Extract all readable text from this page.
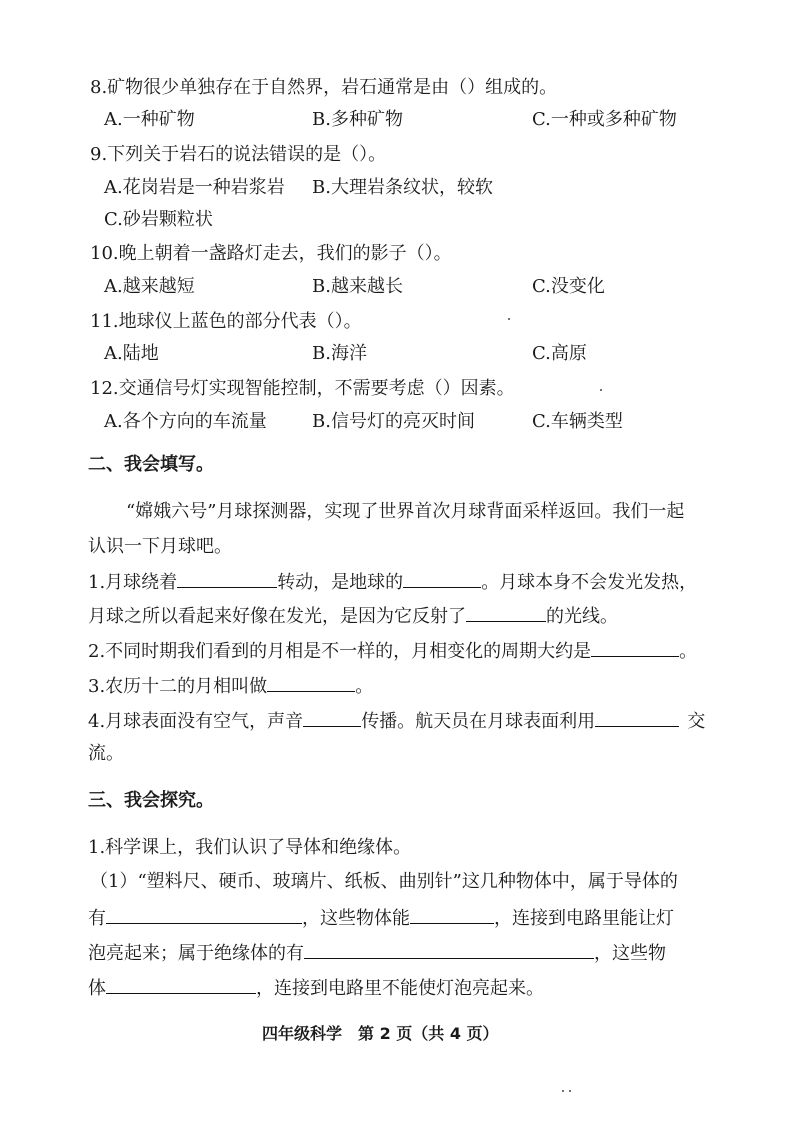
8.矿物很少单独存在于自然界，岩石通常是由（）组成的。
A.一种矿物	B.多种矿物	C.一种或多种矿物
9.下列关于岩石的说法错误的是（）。
A.花岗岩是一种岩浆岩 B.大理岩条纹状，较软
C.砂岩颗粒状
10.晚上朝着一盏路灯走去，我们的影子（）。
A.越来越短	B.越来越长	C.没变化
11.地球仪上蓝色的部分代表（）。
A.陆地	B.海洋	C.高原
12.交通信号灯实现智能控制，不需要考虑（）因素。
A.各个方向的车流量	B.信号灯的亮灭时间	C.车辆类型
二、我会填写。
“嫦娥六号”月球探测器，实现了世界首次月球背面采样返回。我们一起
认识一下月球吧。
1.月球绕着	转动，是地球的	。月球本身不会发光发热，
月球之所以看起来好像在发光，是因为它反射了	的光线。
2.不同时期我们看到的月相是不一样的，月相变化的周期大约是	。
3.农历十二的月相叫做	。
4.月球表面没有空气，声音	传播。航天员在月球表面利用	交
流。
三、我会探究。
1.科学课上，我们认识了导体和绝缘体。
（1）“塑料尺、硬币、玻璃片、纸板、曲别针”这几种物体中，属于导体的
有	，这些物体能	，连接到电路里能让灯
泡亮起来；属于绝缘体的有	，这些物
体	，连接到电路里不能使灯泡亮起来。
四年级科学　第 2 页（共 4 页）
